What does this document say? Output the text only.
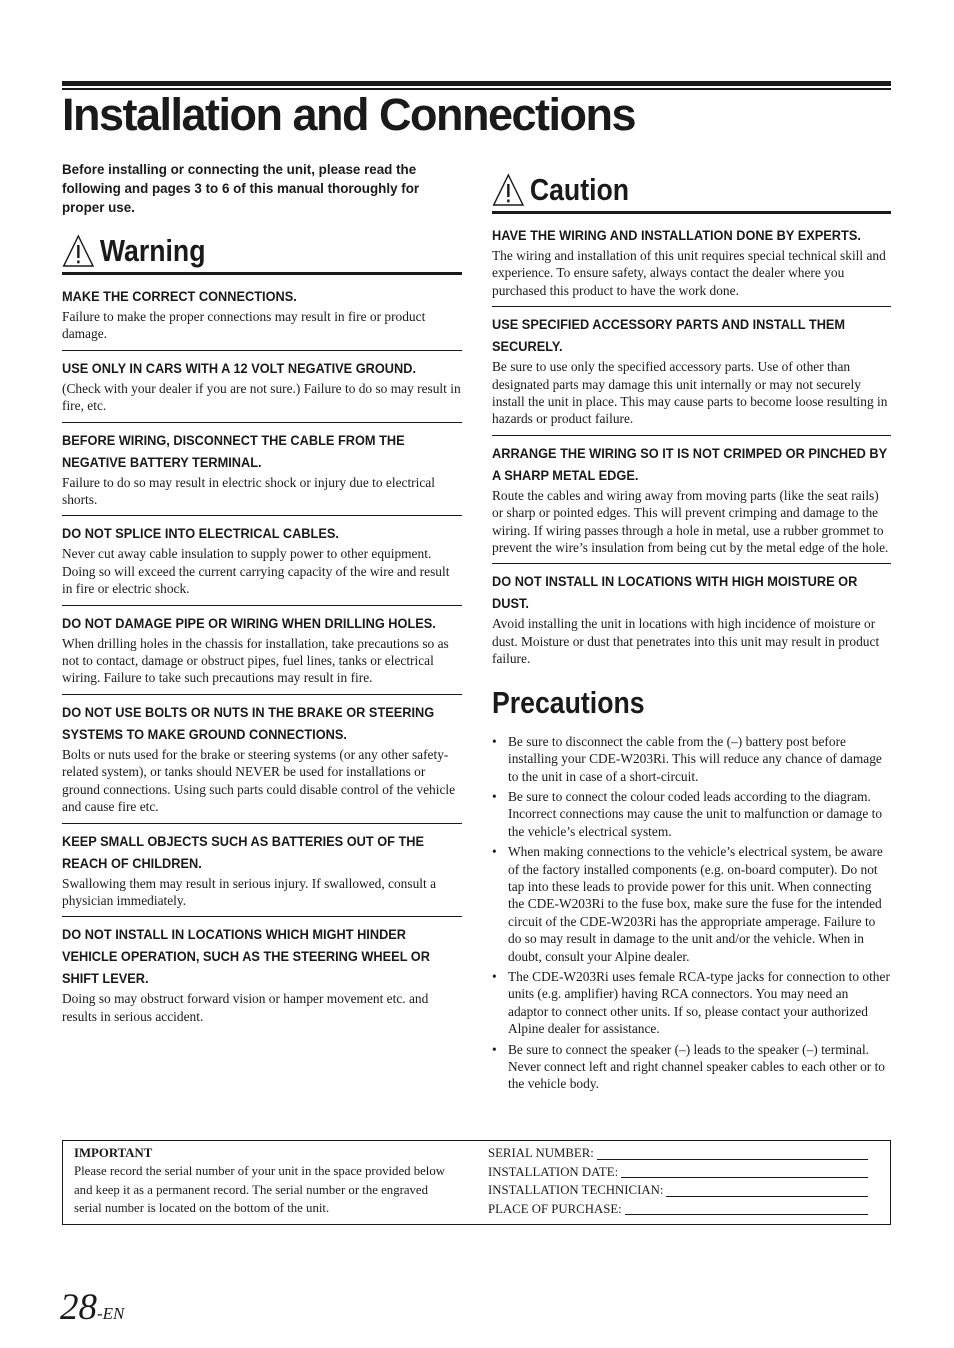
Installation and Connections

Before installing or connecting the unit, please read the following and pages 3 to 6 of this manual thoroughly for proper use.

Warning

MAKE THE CORRECT CONNECTIONS.

Failure to make the proper connections may result in fire or product damage.

USE ONLY IN CARS WITH A 12 VOLT NEGATIVE GROUND.

(Check with your dealer if you are not sure.) Failure to do so may result in fire, etc.

BEFORE WIRING, DISCONNECT THE CABLE FROM THE NEGATIVE BATTERY TERMINAL.

Failure to do so may result in electric shock or injury due to electrical shorts.

DO NOT SPLICE INTO ELECTRICAL CABLES.

Never cut away cable insulation to supply power to other equipment. Doing so will exceed the current carrying capacity of the wire and result in fire or electric shock.

DO NOT DAMAGE PIPE OR WIRING WHEN DRILLING HOLES.

When drilling holes in the chassis for installation, take precautions so as not to contact, damage or obstruct pipes, fuel lines, tanks or electrical wiring. Failure to take such precautions may result in fire.

DO NOT USE BOLTS OR NUTS IN THE BRAKE OR STEERING SYSTEMS TO MAKE GROUND CONNECTIONS.

Bolts or nuts used for the brake or steering systems (or any other safety-related system), or tanks should NEVER be used for installations or ground connections. Using such parts could disable control of the vehicle and cause fire etc.

KEEP SMALL OBJECTS SUCH AS BATTERIES OUT OF THE REACH OF CHILDREN.

Swallowing them may result in serious injury. If swallowed, consult a physician immediately.

DO NOT INSTALL IN LOCATIONS WHICH MIGHT HINDER VEHICLE OPERATION, SUCH AS THE STEERING WHEEL OR SHIFT LEVER.

Doing so may obstruct forward vision or hamper movement etc. and results in serious accident.

Caution

HAVE THE WIRING AND INSTALLATION DONE BY EXPERTS.

The wiring and installation of this unit requires special technical skill and experience. To ensure safety, always contact the dealer where you purchased this product to have the work done.

USE SPECIFIED ACCESSORY PARTS AND INSTALL THEM SECURELY.

Be sure to use only the specified accessory parts. Use of other than designated parts may damage this unit internally or may not securely install the unit in place. This may cause parts to become loose resulting in hazards or product failure.

ARRANGE THE WIRING SO IT IS NOT CRIMPED OR PINCHED BY A SHARP METAL EDGE.

Route the cables and wiring away from moving parts (like the seat rails) or sharp or pointed edges. This will prevent crimping and damage to the wiring. If wiring passes through a hole in metal, use a rubber grommet to prevent the wire’s insulation from being cut by the metal edge of the hole.

DO NOT INSTALL IN LOCATIONS WITH HIGH MOISTURE OR DUST.

Avoid installing the unit in locations with high incidence of moisture or dust. Moisture or dust that penetrates into this unit may result in product failure.

Precautions
• Be sure to disconnect the cable from the (–) battery post before installing your CDE-W203Ri. This will reduce any chance of damage to the unit in case of a short-circuit.
• Be sure to connect the colour coded leads according to the diagram. Incorrect connections may cause the unit to malfunction or damage to the vehicle’s electrical system.
• When making connections to the vehicle’s electrical system, be aware of the factory installed components (e.g. on-board computer). Do not tap into these leads to provide power for this unit. When connecting the CDE-W203Ri to the fuse box, make sure the fuse for the intended circuit of the CDE-W203Ri has the appropriate amperage. Failure to do so may result in damage to the unit and/or the vehicle. When in doubt, consult your Alpine dealer.
• The CDE-W203Ri uses female RCA-type jacks for connection to other units (e.g. amplifier) having RCA connectors. You may need an adaptor to connect other units. If so, please contact your authorized Alpine dealer for assistance.
• Be sure to connect the speaker (–) leads to the speaker (–) terminal. Never connect left and right channel speaker cables to each other or to the vehicle body.

IMPORTANT

Please record the serial number of your unit in the space provided below and keep it as a permanent record. The serial number or the engraved serial number is located on the bottom of the unit.

SERIAL NUMBER:
INSTALLATION DATE:
INSTALLATION TECHNICIAN:
PLACE OF PURCHASE:
28-EN
